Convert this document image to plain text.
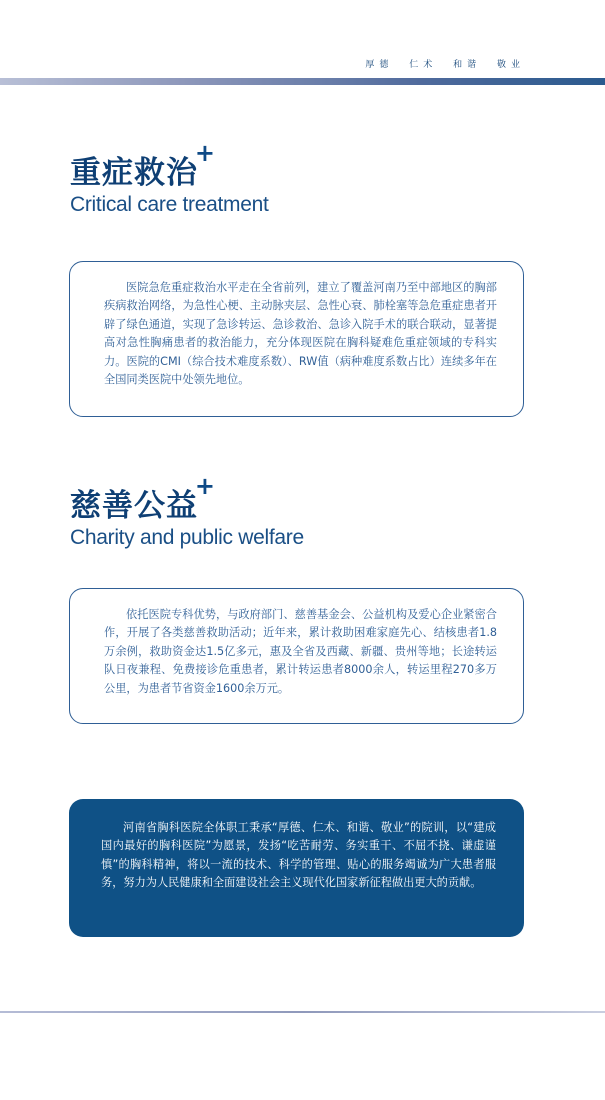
厚德 仁术 和谐 敬业
重症救治
+
Critical care treatment
医院急危重症救治水平走在全省前列，建立了覆盖河南乃至中部地区的胸部疾病救治网络，为急性心梗、主动脉夹层、急性心衰、肺栓塞等急危重症患者开辟了绿色通道，实现了急诊转运、急诊救治、急诊入院手术的联合联动，显著提高对急性胸痛患者的救治能力，充分体现医院在胸科疑难危重症领域的专科实力。医院的CMI（综合技术难度系数）、RW值（病种难度系数占比）连续多年在全国同类医院中处领先地位。
慈善公益
+
Charity and public welfare
依托医院专科优势，与政府部门、慈善基金会、公益机构及爱心企业紧密合作，开展了各类慈善救助活动；近年来，累计救助困难家庭先心、结核患者1.8万余例，救助资金达1.5亿多元，惠及全省及西藏、新疆、贵州等地；长途转运队日夜兼程、免费接诊危重患者，累计转运患者8000余人，转运里程270多万公里，为患者节省资金1600余万元。
河南省胸科医院全体职工秉承“厚德、仁术、和谐、敬业”的院训，以“建成国内最好的胸科医院”为愿景，发扬“吃苦耐劳、务实重干、不屈不挠、谦虚谨慎”的胸科精神，将以一流的技术、科学的管理、贴心的服务竭诚为广大患者服务，努力为人民健康和全面建设社会主义现代化国家新征程做出更大的贡献。
